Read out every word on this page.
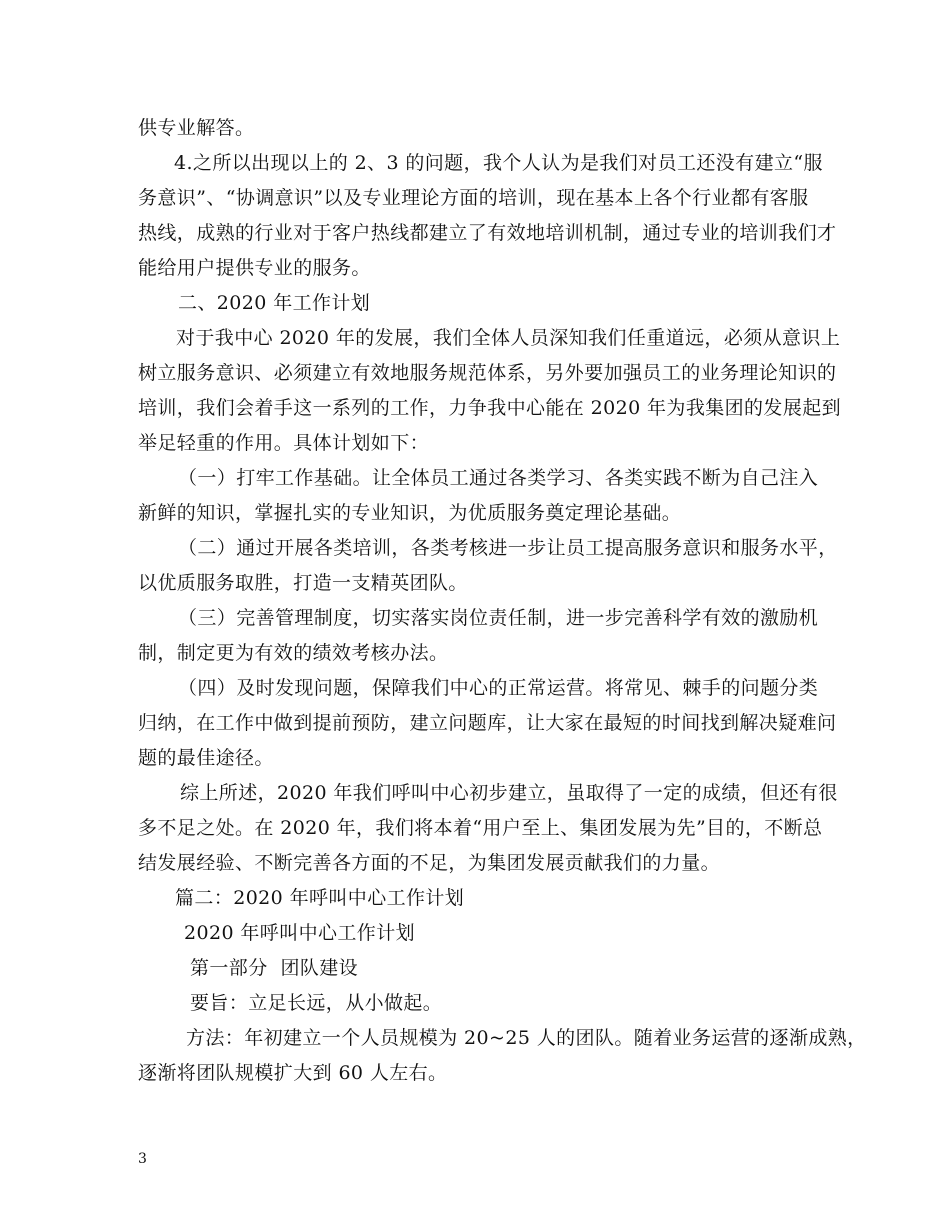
供专业解答。
4.之所以出现以上的 2、3 的问题，我个人认为是我们对员工还没有建立“服
务意识”、“协调意识”以及专业理论方面的培训，现在基本上各个行业都有客服
热线，成熟的行业对于客户热线都建立了有效地培训机制，通过专业的培训我们才
能给用户提供专业的服务。
二、2020 年工作计划
对于我中心 2020 年的发展，我们全体人员深知我们任重道远，必须从意识上
树立服务意识、必须建立有效地服务规范体系，另外要加强员工的业务理论知识的
培训，我们会着手这一系列的工作，力争我中心能在 2020 年为我集团的发展起到
举足轻重的作用。具体计划如下：
（一）打牢工作基础。让全体员工通过各类学习、各类实践不断为自己注入
新鲜的知识，掌握扎实的专业知识，为优质服务奠定理论基础。
（二）通过开展各类培训，各类考核进一步让员工提高服务意识和服务水平，
以优质服务取胜，打造一支精英团队。
（三）完善管理制度，切实落实岗位责任制，进一步完善科学有效的激励机
制，制定更为有效的绩效考核办法。
（四）及时发现问题，保障我们中心的正常运营。将常见、棘手的问题分类
归纳，在工作中做到提前预防，建立问题库，让大家在最短的时间找到解决疑难问
题的最佳途径。
综上所述，2020 年我们呼叫中心初步建立，虽取得了一定的成绩，但还有很
多不足之处。在 2020 年，我们将本着“用户至上、集团发展为先”目的，不断总
结发展经验、不断完善各方面的不足，为集团发展贡献我们的力量。
篇二：2020 年呼叫中心工作计划
2020 年呼叫中心工作计划
第一部分  团队建设
要旨：立足长远，从小做起。
方法：年初建立一个人员规模为 20~25 人的团队。随着业务运营的逐渐成熟，
逐渐将团队规模扩大到 60 人左右。
3
